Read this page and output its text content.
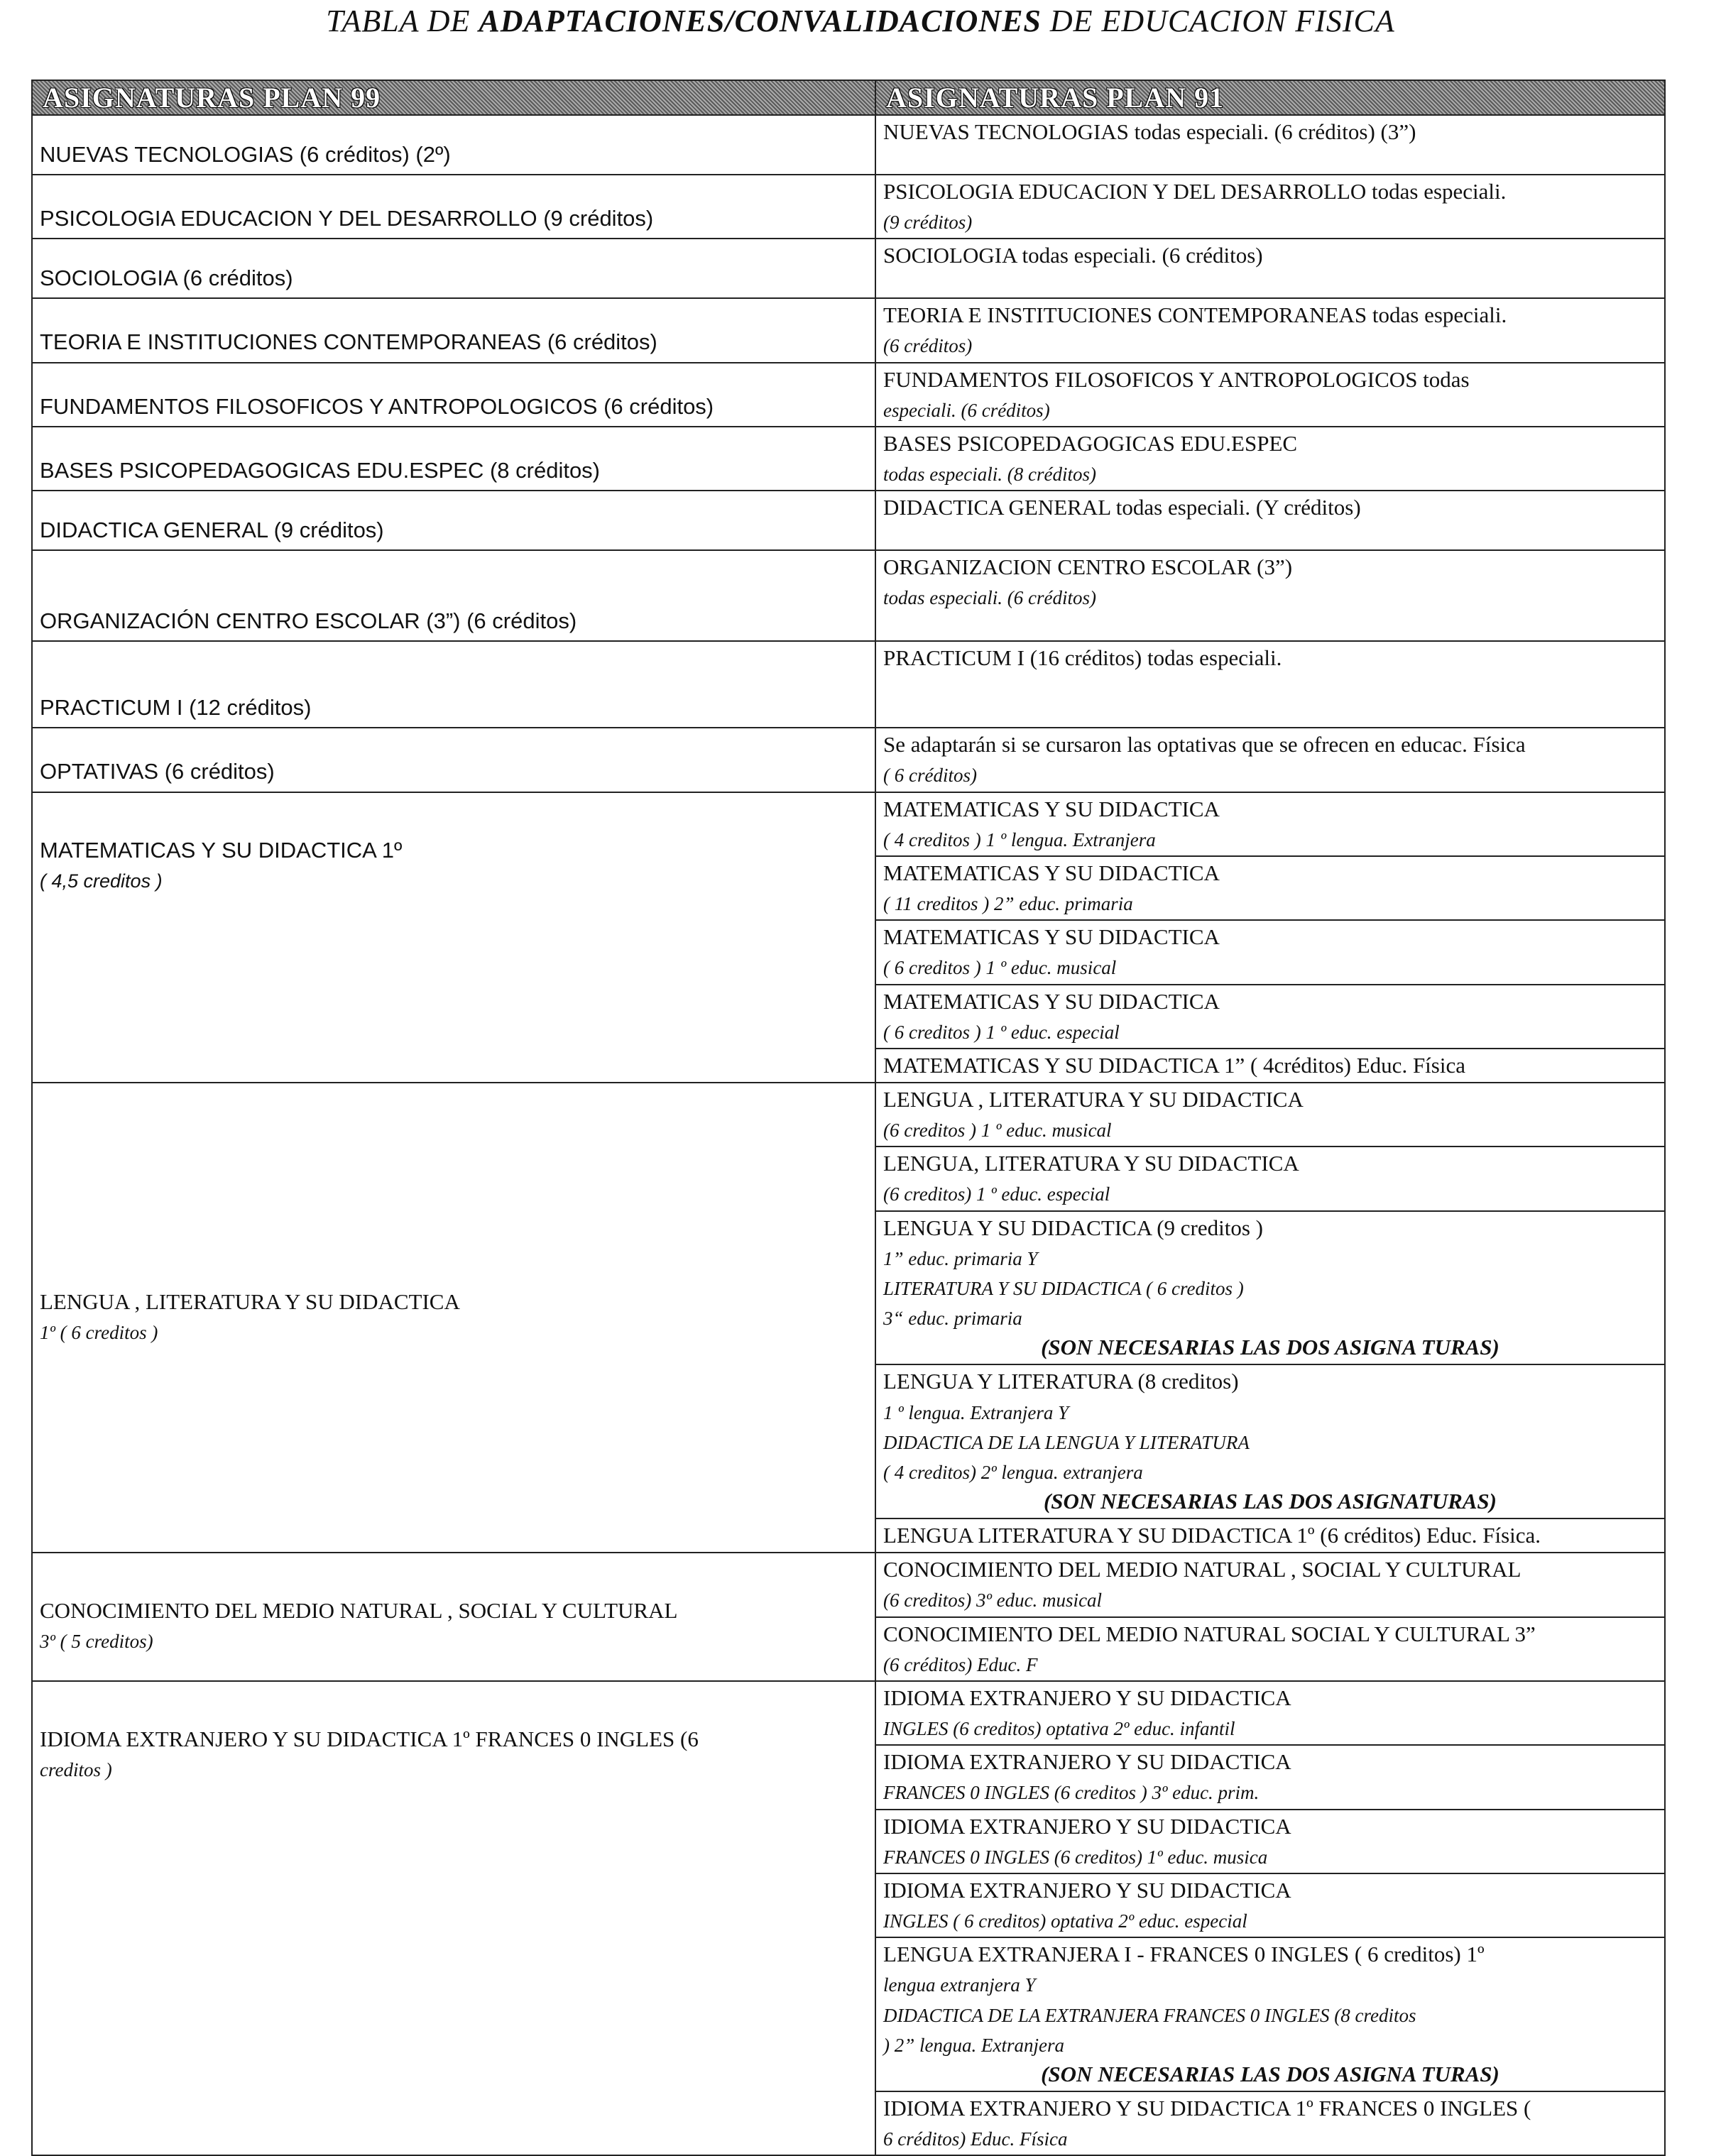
TABLA DE ADAPTACIONES/CONVALIDACIONES DE EDUCACION FISICA
ASIGNATURAS PLAN 99	ASIGNATURAS PLAN 91
NUEVAS TECNOLOGIAS (6 créditos) (2º)	NUEVAS TECNOLOGIAS todas especiali. (6 créditos) (3”)
PSICOLOGIA EDUCACION Y DEL DESARROLLO (9 créditos)	PSICOLOGIA EDUCACION Y DEL DESARROLLO todas especiali.
(9 créditos)
SOCIOLOGIA (6 créditos)	SOCIOLOGIA todas especiali. (6 créditos)
TEORIA E INSTITUCIONES CONTEMPORANEAS (6 créditos)	TEORIA E INSTITUCIONES CONTEMPORANEAS todas especiali.
(6 créditos)
FUNDAMENTOS FILOSOFICOS Y ANTROPOLOGICOS (6 créditos)	FUNDAMENTOS FILOSOFICOS Y ANTROPOLOGICOS todas
especiali. (6 créditos)
BASES PSICOPEDAGOGICAS EDU.ESPEC (8 créditos)	BASES PSICOPEDAGOGICAS EDU.ESPEC
todas especiali. (8 créditos)
DIDACTICA GENERAL (9 créditos)	DIDACTICA GENERAL todas especiali. (Y créditos)
ORGANIZACIÓN CENTRO ESCOLAR (3”) (6 créditos)	ORGANIZACION CENTRO ESCOLAR (3”)
todas especiali. (6 créditos)
PRACTICUM I (12 créditos)	PRACTICUM I (16 créditos) todas especiali.
OPTATIVAS (6 créditos)	Se adaptarán si se cursaron las optativas que se ofrecen en educac. Física
( 6 créditos)
MATEMATICAS Y SU DIDACTICA 1º
( 4,5 creditos )	MATEMATICAS Y SU DIDACTICA
( 4 creditos ) 1 º lengua. Extranjera
	MATEMATICAS Y SU DIDACTICA
( 11 creditos ) 2” educ. primaria
	MATEMATICAS Y SU DIDACTICA
( 6 creditos ) 1 º educ. musical
	MATEMATICAS Y SU DIDACTICA
( 6 creditos ) 1 º educ. especial
	MATEMATICAS Y SU DIDACTICA 1” ( 4créditos) Educ. Física
LENGUA , LITERATURA Y SU DIDACTICA
1º ( 6 creditos )	LENGUA , LITERATURA Y SU DIDACTICA
(6 creditos ) 1 º educ. musical
	LENGUA, LITERATURA Y SU DIDACTICA
(6 creditos) 1 º educ. especial
	LENGUA Y SU DIDACTICA (9 creditos )
1” educ. primaria Y
LITERATURA Y SU DIDACTICA ( 6 creditos )
3“ educ. primaria

(SON NECESARIAS LAS DOS ASIGNA TURAS)

	LENGUA Y LITERATURA (8 creditos)
1 º lengua. Extranjera Y
DIDACTICA DE LA LENGUA Y LITERATURA
( 4 creditos) 2º lengua. extranjera

(SON NECESARIAS LAS DOS ASIGNATURAS)

	LENGUA LITERATURA Y SU DIDACTICA 1º (6 créditos) Educ. Física.
CONOCIMIENTO DEL MEDIO NATURAL , SOCIAL Y CULTURAL
3º ( 5 creditos)	CONOCIMIENTO DEL MEDIO NATURAL , SOCIAL Y CULTURAL
(6 creditos) 3º educ. musical
	CONOCIMIENTO DEL MEDIO NATURAL SOCIAL Y CULTURAL 3”
(6 créditos) Educ. F
IDIOMA EXTRANJERO Y SU DIDACTICA 1º FRANCES 0 INGLES (6
creditos )	IDIOMA EXTRANJERO Y SU DIDACTICA
INGLES (6 creditos) optativa 2º educ. infantil
	IDIOMA EXTRANJERO Y SU DIDACTICA
FRANCES 0 INGLES (6 creditos ) 3º educ. prim.
	IDIOMA EXTRANJERO Y SU DIDACTICA
FRANCES 0 INGLES (6 creditos) 1º educ. musica
	IDIOMA EXTRANJERO Y SU DIDACTICA
INGLES ( 6 creditos) optativa 2º educ. especial
	LENGUA EXTRANJERA I - FRANCES 0 INGLES ( 6 creditos) 1º
lengua extranjera Y
DIDACTICA DE LA EXTRANJERA FRANCES 0 INGLES (8 creditos
) 2” lengua. Extranjera

(SON NECESARIAS LAS DOS ASIGNA TURAS)

	IDIOMA EXTRANJERO Y SU DIDACTICA 1º FRANCES 0 INGLES (
6 créditos) Educ. Física
